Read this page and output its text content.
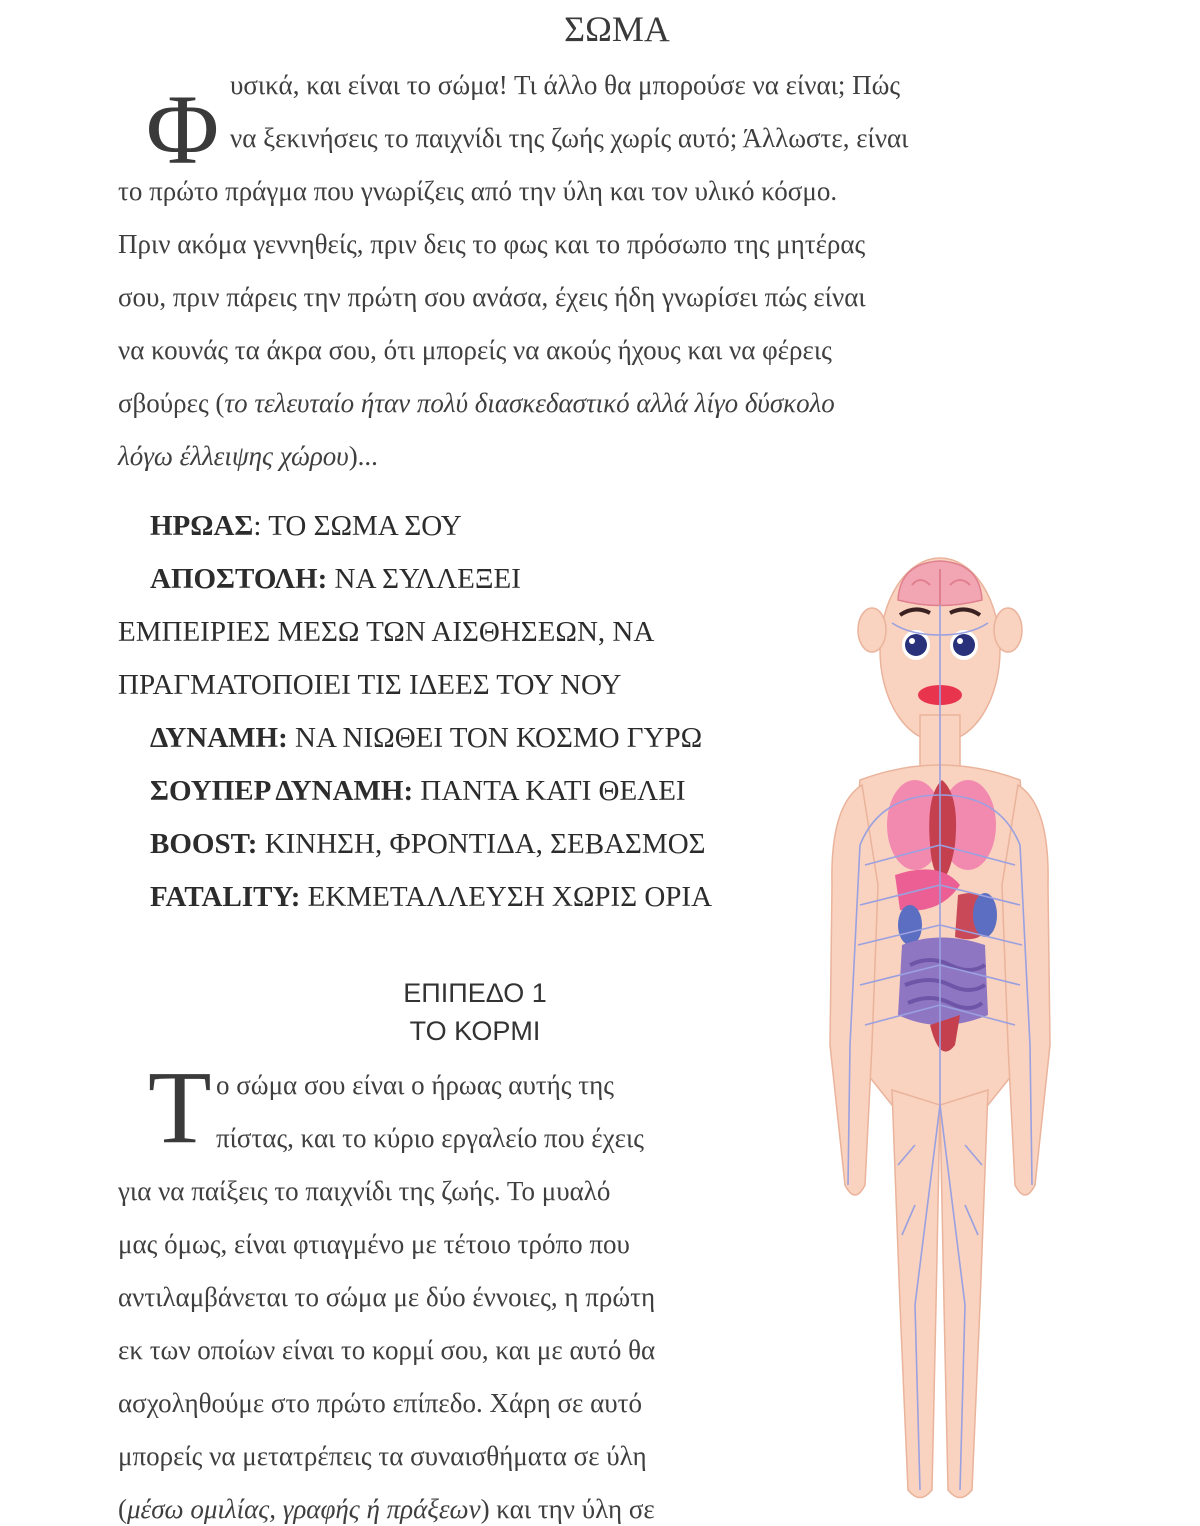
ΣΩΜΑ
Φ υσικά, και είναι το σώμα! Τι άλλο θα μπορούσε να είναι; Πώς
να ξεκινήσεις το παιχνίδι της ζωής χωρίς αυτό; Άλλωστε, είναι
το πρώτο πράγμα που γνωρίζεις από την ύλη και τον υλικό κόσμο.
Πριν ακόμα γεννηθείς, πριν δεις το φως και το πρόσωπο της μητέρας
σου, πριν πάρεις την πρώτη σου ανάσα, έχεις ήδη γνωρίσει πώς είναι
να κουνάς τα άκρα σου, ότι μπορείς να ακούς ήχους και να φέρεις
σβούρες (το τελευταίο ήταν πολύ διασκεδαστικό αλλά λίγο δύσκολο
λόγω έλλειψης χώρου)...
ΗΡΩΑΣ: ΤΟ ΣΩΜΑ ΣΟΥ
ΑΠΟΣΤΟΛΗ: ΝΑ ΣΥΛΛΕΞΕΙ
ΕΜΠΕΙΡΙΕΣ ΜΕΣΩ ΤΩΝ ΑΙΣΘΗΣΕΩΝ, ΝΑ
ΠΡΑΓΜΑΤΟΠΟΙΕΙ ΤΙΣ ΙΔΕΕΣ ΤΟΥ ΝΟΥ
ΔΥΝΑΜΗ: ΝΑ ΝΙΩΘΕΙ ΤΟΝ ΚΟΣΜΟ ΓΥΡΩ
ΣΟΥΠΕΡ ΔΥΝΑΜΗ: ΠΑΝΤΑ ΚΑΤΙ ΘΕΛΕΙ
BOOST: ΚΙΝΗΣΗ, ΦΡΟΝΤΙΔΑ, ΣΕΒΑΣΜΟΣ
FATALITY: ΕΚΜΕΤΑΛΛΕΥΣΗ ΧΩΡΙΣ ΟΡΙΑ
ΕΠΙΠΕΔΟ 1
ΤΟ ΚΟΡΜΙ
Τ ο σώμα σου είναι ο ήρωας αυτής της
πίστας, και το κύριο εργαλείο που έχεις
για να παίξεις το παιχνίδι της ζωής. Το μυαλό
μας όμως, είναι φτιαγμένο με τέτοιο τρόπο που
αντιλαμβάνεται το σώμα με δύο έννοιες, η πρώτη
εκ των οποίων είναι το κορμί σου, και με αυτό θα
ασχοληθούμε στο πρώτο επίπεδο. Χάρη σε αυτό
μπορείς να μετατρέπεις τα συναισθήματα σε ύλη
(μέσω ομιλίας, γραφής ή πράξεων) και την ύλη σε
